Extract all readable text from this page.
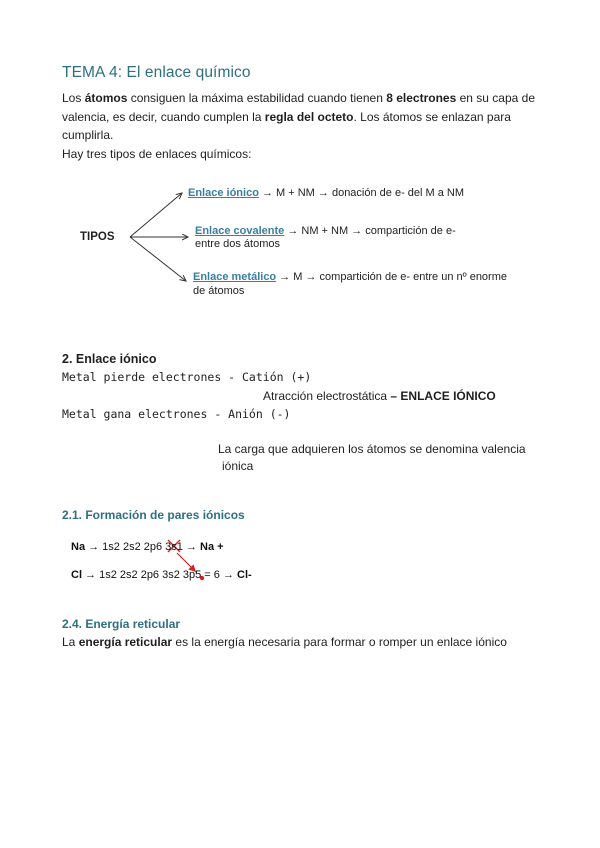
TEMA 4: El enlace químico
Los átomos consiguen la máxima estabilidad cuando tienen 8 electrones en su capa de valencia, es decir, cuando cumplen la regla del octeto. Los átomos se enlazan para cumplirla.
Hay tres tipos de enlaces químicos:
TIPOS
Enlace iónico → M + NM → donación de e- del M a NM
Enlace covalente → NM + NM → compartición de e-
entre dos átomos
Enlace metálico → M → compartición de e- entre un nº enorme
de átomos
2. Enlace iónico
Metal pierde electrones - Catión (+)
Atracción electrostática – ENLACE IÓNICO
Metal gana electrones - Anión (-)
La carga que adquieren los átomos se denomina valencia
iónica
2.1. Formación de pares iónicos
Na → 1s2 2s2 2p6 3s1 → Na +
Cl → 1s2 2s2 2p6 3s2 3p5 = 6 → Cl-
2.4. Energía reticular
La energía reticular es la energía necesaria para formar o romper un enlace iónico
